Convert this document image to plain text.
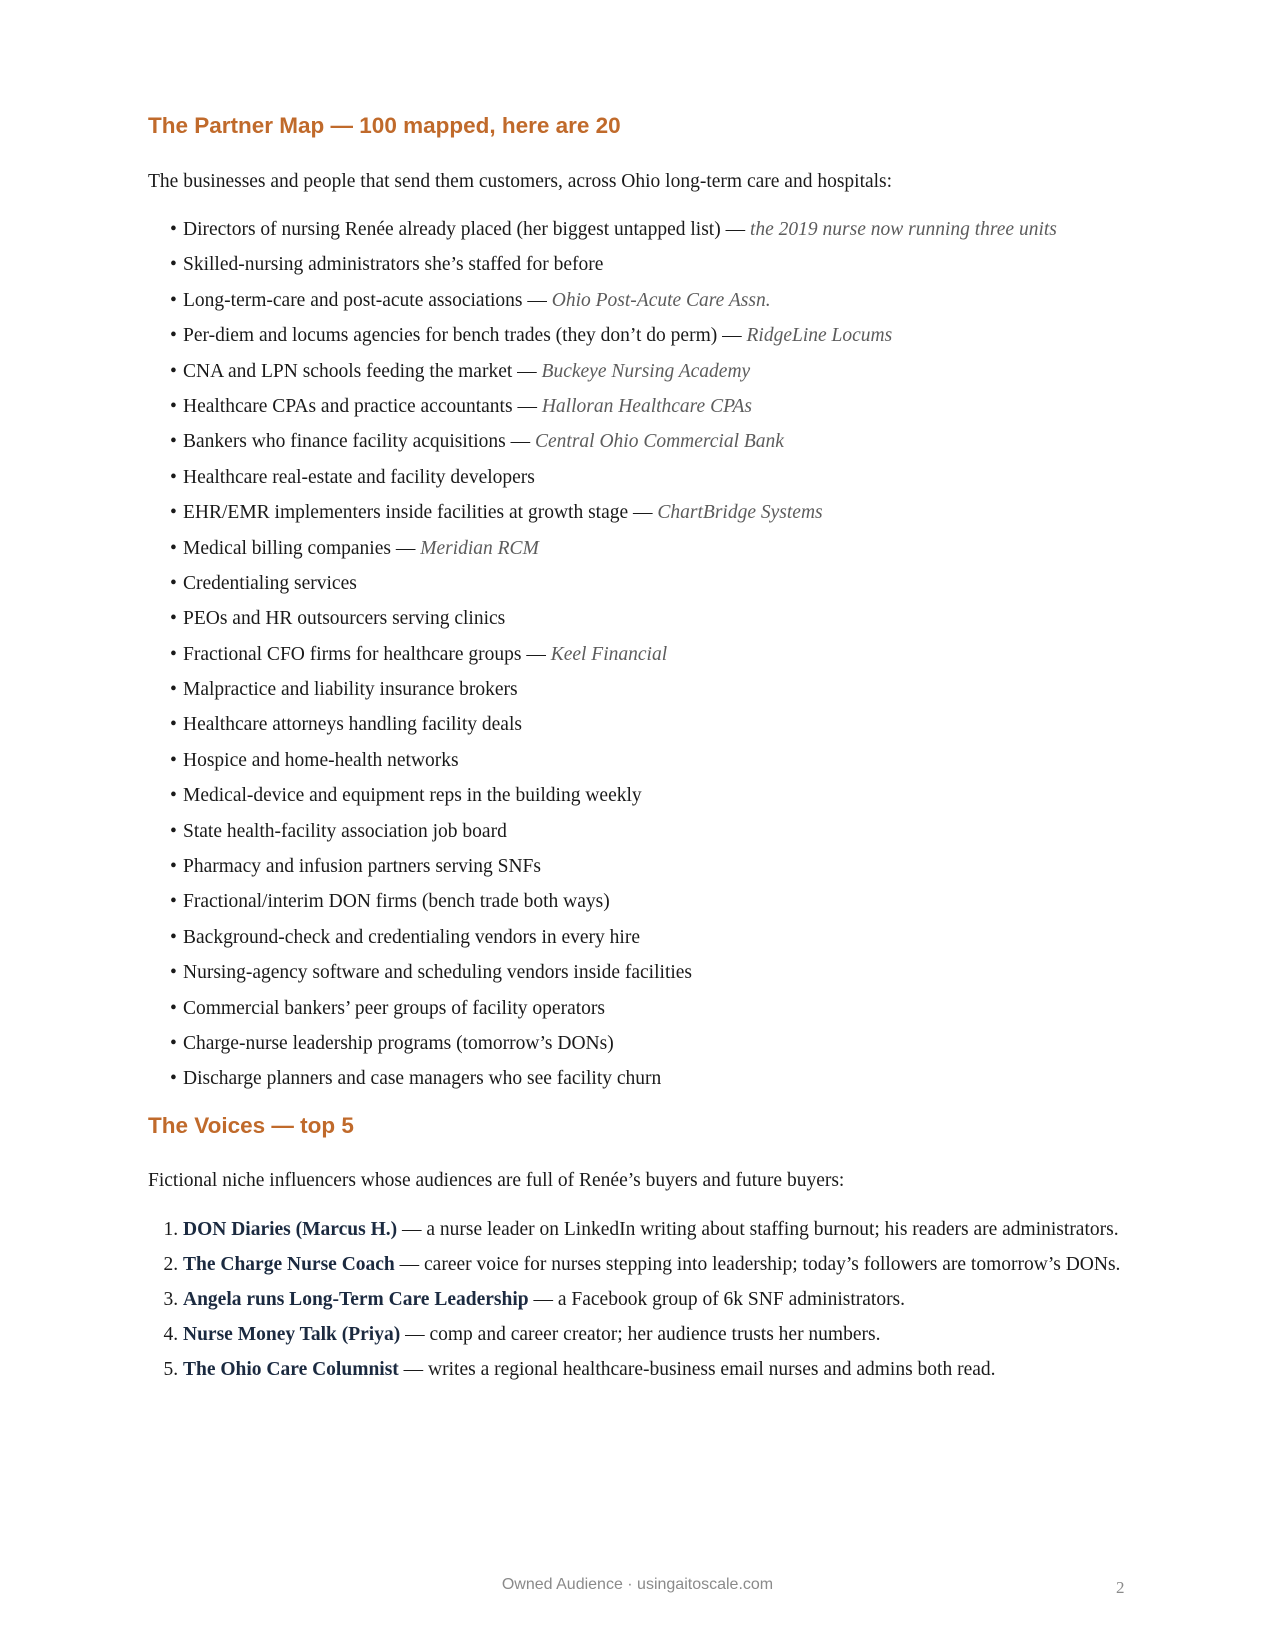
The Partner Map — 100 mapped, here are 20

The businesses and people that send them customers, across Ohio long-term care and hospitals:

• Directors of nursing Renée already placed (her biggest untapped list) — the 2019 nurse now running three units
• Skilled-nursing administrators she’s staffed for before
• Long-term-care and post-acute associations — Ohio Post-Acute Care Assn.
• Per-diem and locums agencies for bench trades (they don’t do perm) — RidgeLine Locums
• CNA and LPN schools feeding the market — Buckeye Nursing Academy
• Healthcare CPAs and practice accountants — Halloran Healthcare CPAs
• Bankers who finance facility acquisitions — Central Ohio Commercial Bank
• Healthcare real-estate and facility developers
• EHR/EMR implementers inside facilities at growth stage — ChartBridge Systems
• Medical billing companies — Meridian RCM
• Credentialing services
• PEOs and HR outsourcers serving clinics
• Fractional CFO firms for healthcare groups — Keel Financial
• Malpractice and liability insurance brokers
• Healthcare attorneys handling facility deals
• Hospice and home-health networks
• Medical-device and equipment reps in the building weekly
• State health-facility association job board
• Pharmacy and infusion partners serving SNFs
• Fractional/interim DON firms (bench trade both ways)
• Background-check and credentialing vendors in every hire
• Nursing-agency software and scheduling vendors inside facilities
• Commercial bankers’ peer groups of facility operators
• Charge-nurse leadership programs (tomorrow’s DONs)
• Discharge planners and case managers who see facility churn
The Voices — top 5

Fictional niche influencers whose audiences are full of Renée’s buyers and future buyers:

1. DON Diaries (Marcus H.) — a nurse leader on LinkedIn writing about staffing burnout; his readers are administrators.
2. The Charge Nurse Coach — career voice for nurses stepping into leadership; today’s followers are tomorrow’s DONs.
3. Angela runs Long-Term Care Leadership — a Facebook group of 6k SNF administrators.
4. Nurse Money Talk (Priya) — comp and career creator; her audience trusts her numbers.
5. The Ohio Care Columnist — writes a regional healthcare-business email nurses and admins both read.
Owned Audience · usingaitoscale.com	2
